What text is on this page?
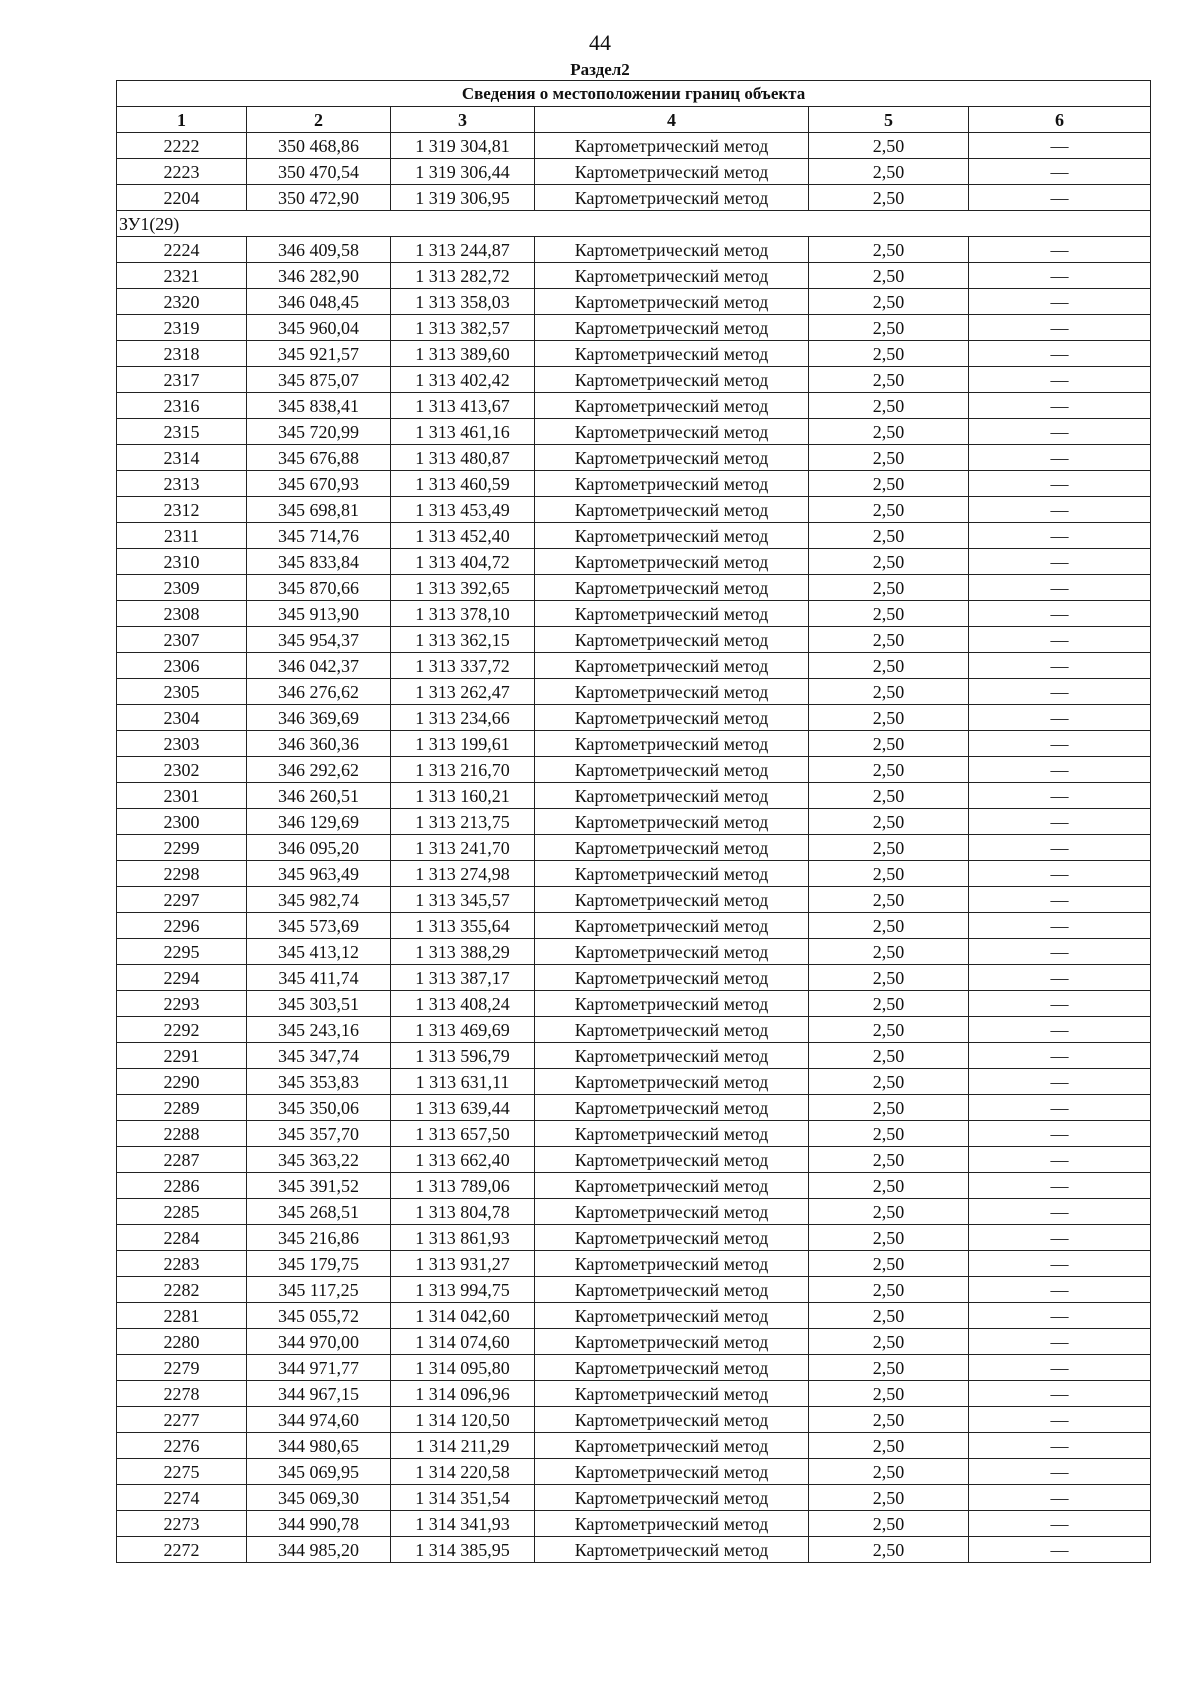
44
Раздел2
Сведения о местоположении границ объекта					
1	2	3	4	5	6
2222	350 468,86	1 319 304,81	Картометрический метод	2,50	—
2223	350 470,54	1 319 306,44	Картометрический метод	2,50	—
2204	350 472,90	1 319 306,95	Картометрический метод	2,50	—
ЗУ1(29)					
2224	346 409,58	1 313 244,87	Картометрический метод	2,50	—
2321	346 282,90	1 313 282,72	Картометрический метод	2,50	—
2320	346 048,45	1 313 358,03	Картометрический метод	2,50	—
2319	345 960,04	1 313 382,57	Картометрический метод	2,50	—
2318	345 921,57	1 313 389,60	Картометрический метод	2,50	—
2317	345 875,07	1 313 402,42	Картометрический метод	2,50	—
2316	345 838,41	1 313 413,67	Картометрический метод	2,50	—
2315	345 720,99	1 313 461,16	Картометрический метод	2,50	—
2314	345 676,88	1 313 480,87	Картометрический метод	2,50	—
2313	345 670,93	1 313 460,59	Картометрический метод	2,50	—
2312	345 698,81	1 313 453,49	Картометрический метод	2,50	—
2311	345 714,76	1 313 452,40	Картометрический метод	2,50	—
2310	345 833,84	1 313 404,72	Картометрический метод	2,50	—
2309	345 870,66	1 313 392,65	Картометрический метод	2,50	—
2308	345 913,90	1 313 378,10	Картометрический метод	2,50	—
2307	345 954,37	1 313 362,15	Картометрический метод	2,50	—
2306	346 042,37	1 313 337,72	Картометрический метод	2,50	—
2305	346 276,62	1 313 262,47	Картометрический метод	2,50	—
2304	346 369,69	1 313 234,66	Картометрический метод	2,50	—
2303	346 360,36	1 313 199,61	Картометрический метод	2,50	—
2302	346 292,62	1 313 216,70	Картометрический метод	2,50	—
2301	346 260,51	1 313 160,21	Картометрический метод	2,50	—
2300	346 129,69	1 313 213,75	Картометрический метод	2,50	—
2299	346 095,20	1 313 241,70	Картометрический метод	2,50	—
2298	345 963,49	1 313 274,98	Картометрический метод	2,50	—
2297	345 982,74	1 313 345,57	Картометрический метод	2,50	—
2296	345 573,69	1 313 355,64	Картометрический метод	2,50	—
2295	345 413,12	1 313 388,29	Картометрический метод	2,50	—
2294	345 411,74	1 313 387,17	Картометрический метод	2,50	—
2293	345 303,51	1 313 408,24	Картометрический метод	2,50	—
2292	345 243,16	1 313 469,69	Картометрический метод	2,50	—
2291	345 347,74	1 313 596,79	Картометрический метод	2,50	—
2290	345 353,83	1 313 631,11	Картометрический метод	2,50	—
2289	345 350,06	1 313 639,44	Картометрический метод	2,50	—
2288	345 357,70	1 313 657,50	Картометрический метод	2,50	—
2287	345 363,22	1 313 662,40	Картометрический метод	2,50	—
2286	345 391,52	1 313 789,06	Картометрический метод	2,50	—
2285	345 268,51	1 313 804,78	Картометрический метод	2,50	—
2284	345 216,86	1 313 861,93	Картометрический метод	2,50	—
2283	345 179,75	1 313 931,27	Картометрический метод	2,50	—
2282	345 117,25	1 313 994,75	Картометрический метод	2,50	—
2281	345 055,72	1 314 042,60	Картометрический метод	2,50	—
2280	344 970,00	1 314 074,60	Картометрический метод	2,50	—
2279	344 971,77	1 314 095,80	Картометрический метод	2,50	—
2278	344 967,15	1 314 096,96	Картометрический метод	2,50	—
2277	344 974,60	1 314 120,50	Картометрический метод	2,50	—
2276	344 980,65	1 314 211,29	Картометрический метод	2,50	—
2275	345 069,95	1 314 220,58	Картометрический метод	2,50	—
2274	345 069,30	1 314 351,54	Картометрический метод	2,50	—
2273	344 990,78	1 314 341,93	Картометрический метод	2,50	—
2272	344 985,20	1 314 385,95	Картометрический метод	2,50	—
